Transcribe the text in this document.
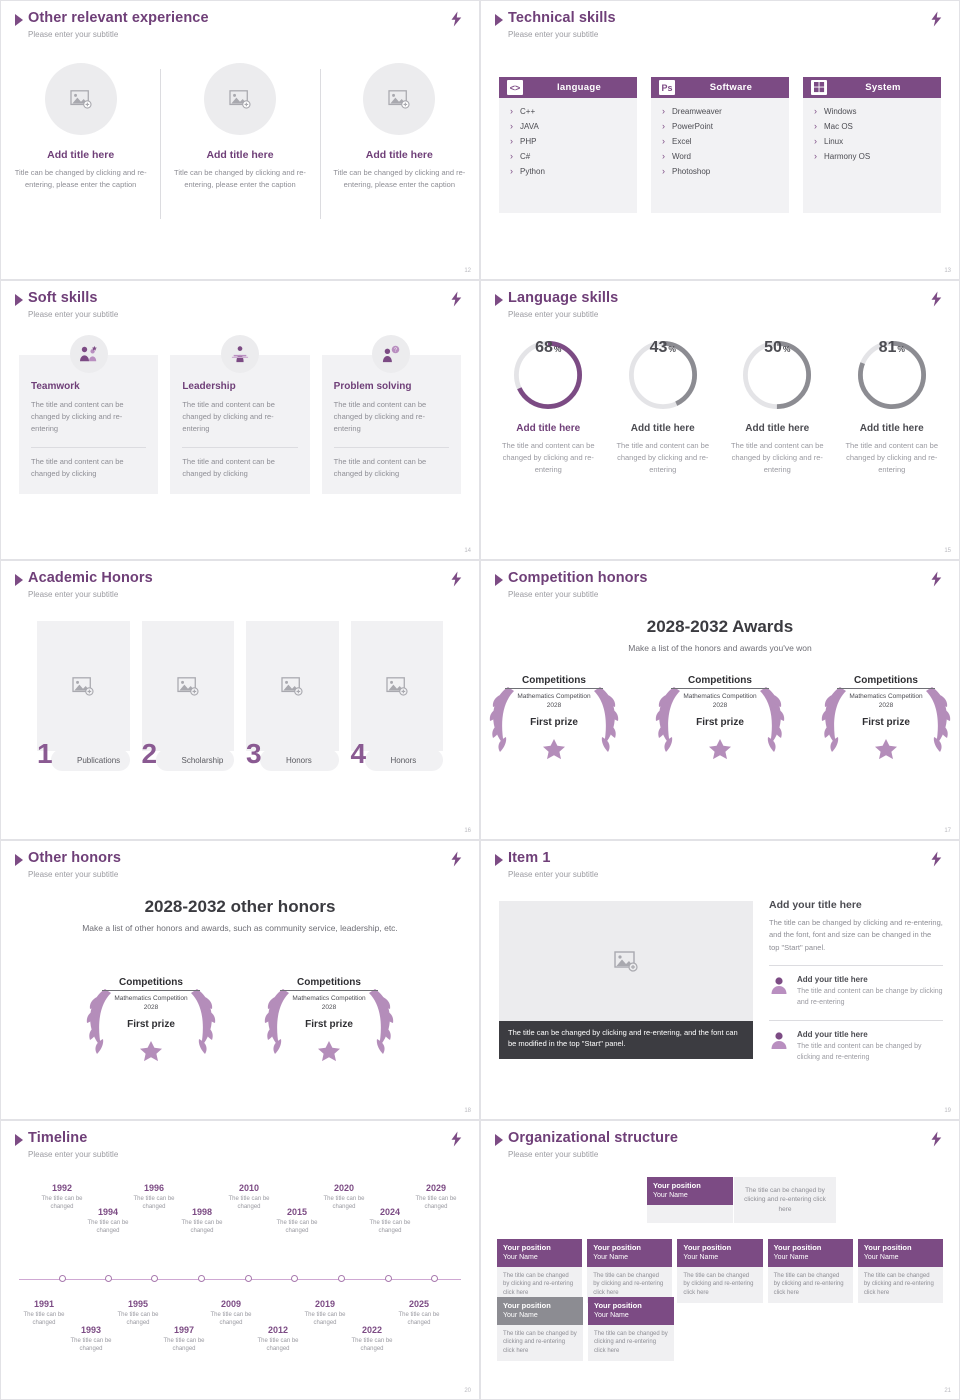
Other relevant experience
Please enter your subtitle
Add title here
Title can be changed by clicking and re-entering, please enter the caption
Add title here
Title can be changed by clicking and re-entering, please enter the caption
Add title here
Title can be changed by clicking and re-entering, please enter the caption
12
Technical skills
Please enter your subtitle
<>	language
› C++
› JAVA
› PHP
› C#
› Python
Ps	Software
› Dreamweaver
› PowerPoint
› Excel
› Word
› Photoshop
System
› Windows
› Mac OS
› Linux
› Harmony OS
13
Soft skills
Please enter your subtitle
Teamwork
The title and content can be changed by clicking and re-entering
The title and content can be changed by clicking
Leadership
The title and content can be changed by clicking and re-entering
The title and content can be changed by clicking
?
Problem solving
The title and content can be changed by clicking and re-entering
The title and content can be changed by clicking
14
Language skills
Please enter your subtitle
68 %
Add title here
The title and content can be changed by clicking and re-entering
43 %
Add title here
The title and content can be changed by clicking and re-entering
50 %
Add title here
The title and content can be changed by clicking and re-entering
81 %
Add title here
The title and content can be changed by clicking and re-entering
15
Academic Honors
Please enter your subtitle
Publications
1	Scholarship
2	Honors
3	Honors
4
16
Competition honors
Please enter your subtitle
2028-2032 Awards
Make a list of the honors and awards you've won
Competitions
Mathematics Competition
2028
First prize
Competitions
Mathematics Competition
2028
First prize
Competitions
Mathematics Competition
2028
First prize
17
Other honors
Please enter your subtitle
2028-2032 other honors
Make a list of other honors and awards, such as community service, leadership, etc.
Competitions
Mathematics Competition
2028
First prize
Competitions
Mathematics Competition
2028
First prize
18
Item 1
Please enter your subtitle
The title can be changed by clicking and re-entering, and the font can be modified in the top "Start" panel.
Add your title here
The title can be changed by clicking and re-entering, and the font, font and size can be changed in the top "Start" panel.
Add your title here
The title and content can be change by clicking and re-entering
Add your title here
The title and content can be changed by clicking and re-entering
19
Timeline
Please enter your subtitle
1992
The title can be changed	1994
The title can be changed
1996
The title can be changed	1998
The title can be changed
2010
The title can be changed	2015
The title can be changed
2020
The title can be changed	2024
The title can be changed
2029
The title can be changed
1991
The title can be changed
1993
The title can be changed
1995
The title can be changed
1997
The title can be changed
2009
The title can be changed
2012
The title can be changed
2019
The title can be changed
2022
The title can be changed
2025
The title can be changed
20
Organizational structure
Please enter your subtitle
Your position
Your Name

The title can be changed by clicking and re-entering click here
Your position
Your Name
The title can be changed by clicking and re-entering click here
Your position
Your Name
The title can be changed by clicking and re-entering click here
Your position
Your Name
The title can be changed by clicking and re-entering click here
Your position
Your Name
The title can be changed by clicking and re-entering click here
Your position
Your Name
The title can be changed by clicking and re-entering click here
Your position
Your Name
The title can be changed by clicking and re-entering click here
Your position
Your Name
The title can be changed by clicking and re-entering click here
21
